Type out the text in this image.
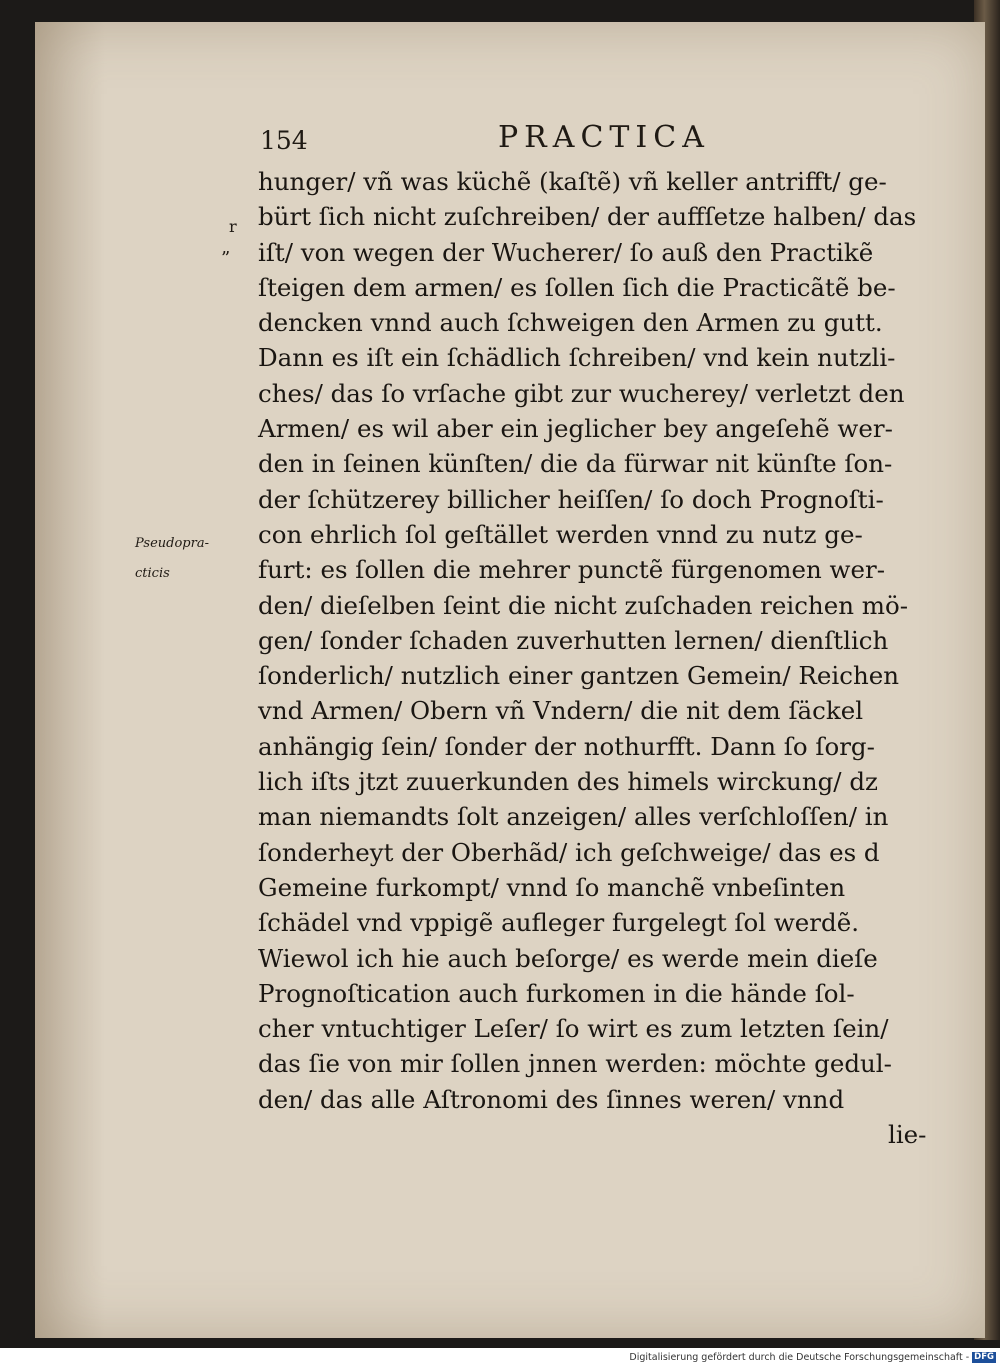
154	PRACTICA
r
”
Pseudopra-
cticis
hunger/ vñ was küchẽ (kaſtẽ) vñ keller antrifft/ ge-
bürt ſich nicht zuſchreiben/ der auffſetze halben/ das
iſt/ von wegen der Wucherer/ ſo auß den Practikẽ
ſteigen dem armen/ es ſollen ſich die Practicãtẽ be-
dencken vnnd auch ſchweigen den Armen zu gutt.
Dann es iſt ein ſchädlich ſchreiben/ vnd kein nutzli-
ches/ das ſo vrſache gibt zur wucherey/ verletzt den
Armen/ es wil aber ein jeglicher bey angeſehẽ wer-
den in ſeinen künſten/ die da fürwar nit künſte ſon-
der ſchützerey billicher heiſſen/ ſo doch Prognoſti-
con ehrlich ſol geſtället werden vnnd zu nutz ge-
furt: es ſollen die mehrer punctẽ fürgenomen wer-
den/ dieſelben ſeint die nicht zuſchaden reichen mö-
gen/ ſonder ſchaden zuverhutten lernen/ dienſtlich
ſonderlich/ nutzlich einer gantzen Gemein/ Reichen
vnd Armen/ Obern vñ Vndern/ die nit dem ſäckel
anhängig ſein/ ſonder der nothurfft. Dann ſo ſorg-
lich iſts jtzt zuuerkunden des himels wirckung/ dz
man niemandts ſolt anzeigen/ alles verſchloſſen/ in
ſonderheyt der Oberhãd/ ich geſchweige/ das es d
Gemeine furkompt/ vnnd ſo manchẽ vnbeſinten
ſchädel vnd vppigẽ aufleger furgelegt ſol werdẽ.
Wiewol ich hie auch beſorge/ es werde mein dieſe
Prognoſtication auch furkomen in die hände ſol-
cher vntuchtiger Leſer/ ſo wirt es zum letzten ſein/
das ſie von mir ſollen jnnen werden: möchte gedul-
den/ das alle Aſtronomi des ſinnes weren/ vnnd
lie-
Digitalisierung gefördert durch die Deutsche Forschungsgemeinschaft - DFG
